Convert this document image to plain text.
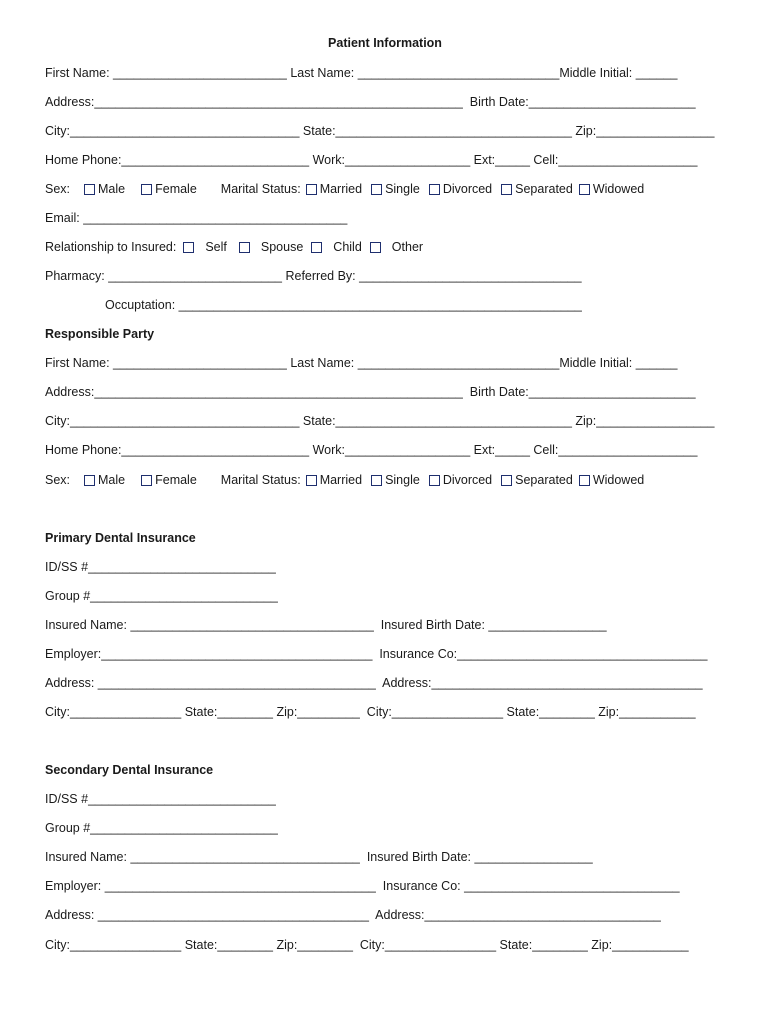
Patient Information
First Name: _________________________ Last Name: _____________________________Middle Initial: ______
Address:_____________________________________________________  Birth Date:________________________
City:_________________________________ State:__________________________________ Zip:_________________
Home Phone:___________________________ Work:__________________ Ext:_____ Cell:____________________
Sex: Male Female Marital Status: Married Single Divorced Separated Widowed
Email: ______________________________________
Relationship to Insured: Self	Spouse Child Other
Pharmacy: _________________________ Referred By: ________________________________
Occuptation: __________________________________________________________
Responsible Party
First Name: _________________________ Last Name: _____________________________Middle Initial: ______
Address:_____________________________________________________  Birth Date:________________________
City:_________________________________ State:__________________________________ Zip:_________________
Home Phone:___________________________ Work:__________________ Ext:_____ Cell:____________________
Sex: Male Female Marital Status: Married Single Divorced Separated Widowed
Primary Dental Insurance
ID/SS #___________________________
Group #___________________________
Insured Name: ___________________________________  Insured Birth Date: _________________
Employer:_______________________________________  Insurance Co:____________________________________
Address: ________________________________________  Address:_______________________________________
City:________________ State:________ Zip:_________  City:________________ State:________ Zip:___________
Secondary Dental Insurance
ID/SS #___________________________
Group #___________________________
Insured Name: _________________________________  Insured Birth Date: _________________
Employer: _______________________________________  Insurance Co: _______________________________
Address: _______________________________________  Address:__________________________________
City:________________ State:________ Zip:________  City:________________ State:________ Zip:___________
